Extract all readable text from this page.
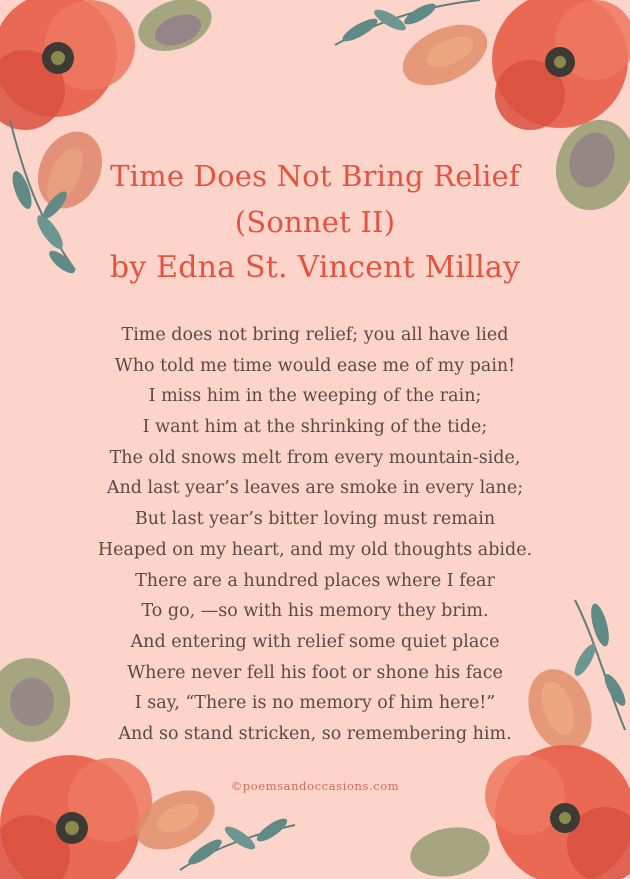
Time Does Not Bring Relief
(Sonnet II)
by Edna St. Vincent Millay
Time does not bring relief; you all have lied
Who told me time would ease me of my pain!
I miss him in the weeping of the rain;
I want him at the shrinking of the tide;
The old snows melt from every mountain-side,
And last year’s leaves are smoke in every lane;
But last year’s bitter loving must remain
Heaped on my heart, and my old thoughts abide.
There are a hundred places where I fear
To go, —so with his memory they brim.
And entering with relief some quiet place
Where never fell his foot or shone his face
I say, “There is no memory of him here!”
And so stand stricken, so remembering him.
©poemsandoccasions.com
